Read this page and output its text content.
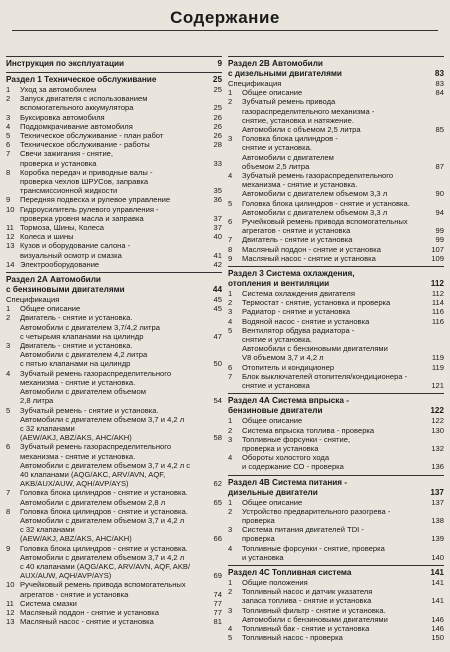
Содержание
Инструкция по эксплуатации	9
Раздел 1 Техническое обслуживание	25
1	Уход за автомобилем	25
2	Запуск двигателя с использованием
вспомогательного аккумулятора	25
3	Буксировка автомобиля	26
4	Поддомкрачивание автомобиля	26
5	Техническое обслуживание - план работ	26
6	Техническое обслуживание - работы	28
7	Свечи зажигания - снятие,
проверка и установка	33
8	Коробка передач и приводные валы -
проверка чехлов ШРУСов, заправка
трансмиссионной жидкости	35
9	Передняя подвеска и рулевое управление	36
10 Гидроусилитель рулевого управления -
проверка уровня масла и заправка	37
11 Тормоза, Шины, Колеса	37
12 Колеса и шины	40
13 Кузов и оборудование салона -
визуальный осмотр и смазка	41
14 Электрооборудование	42
Раздел 2А Автомобили
с бензиновыми двигателями	44
Спецификация	45
1	Общее описание	45
2	Двигатель - снятие и установка.
Автомобили с двигателем 3,7/4,2 литра
с четырьмя клапанами на цилиндр	47
3	Двигатель - снятие и установка.
Автомобили с двигателем 4,2 литра
с пятью клапанами на цилиндр	50
4	Зубчатый ремень газораспределительного
механизма - снятие и установка.
Автомобили с двигателем объемом
2,8 литра	54
5	Зубчатый ремень - снятие и установка.
Автомобили с двигателем объемом 3,7 и 4,2 л
с 32 клапанами
(AEW/AKJ, ABZ/AKS, AHC/AKH)	58
6	Зубчатый ремень газораспределительного
механизма - снятие и установка.
Автомобили с двигателем объемом 3,7 и 4,2 л с
40 клапанами (AQG/AKC, ARV/AVN, AQF,
AKB/AUX/AUW, AQH/AVP/AYS)	62
7	Головка блока цилиндров - снятие и установка.
Автомобили с двигателем объемом 2,8 л	65
8	Головка блока цилиндров - снятие и установка.
Автомобили с двигателем объемом 3,7 и 4,2 л
с 32 клапанами
(AEW/AKJ, ABZ/AKS, AHC/AKH)	66
9	Головка блока цилиндров - снятие и установка.
Автомобили с двигателем объемом 3,7 и 4,2 л
с 40 клапанами (AQG/AKC, ARV/AVN, AQF, AKB/
AUX/AUW, AQH/AVP/AYS)	69
10 Ручейковый ремень привода вспомогательных
агрегатов - снятие и установка	74
11 Система смазки	77
12 Масляный поддон - снятие и установка	77
13 Масляный насос - снятие и установка	81
Раздел 2В Автомобили
с дизельными двигателями	83
Спецификация	83
1	Общее описание	84
2	Зубчатый ремень привода
газораспределительного механизма -
снятие, установка и натяжение.
Автомобили с объемом 2,5 литра	85
3	Головка блока цилиндров -
снятие и установка.
Автомобили с двигателем
объемом 2,5 литра	87
4	Зубчатый ремень газораспределительного
механизма - снятие и установка.
Автомобили с двигателем объемом 3,3 л	90
5	Головка блока цилиндров - снятие и установка.
Автомобили с двигателем объемом 3,3 л	94
6	Ручейковый ремень привода вспомогательных
агрегатов - снятие и установка	99
7	Двигатель - снятие и установка	99
8	Масляный поддон - снятие и установка	107
9	Масляный насос - снятие и установка	109
Раздел 3 Система охлаждения,
отопления и вентиляции	112
1	Система охлаждения двигателя	112
2	Термостат - снятие, установка и проверка	114
3	Радиатор - снятие и установка	116
4	Водяной насос - снятие и установка	116
5	Вентилятор обдува радиатора -
снятие и установка.
Автомобили с бензиновыми двигателями
V8 объемом 3,7 и 4,2 л	119
6	Отопитель и кондиционер	119
7	Блок выключателей отопителя/кондиционера -
снятие и установка	121
Раздел 4А Система впрыска -
бензиновые двигатели	122
1	Общее описание	122
2	Система впрыска топлива - проверка	130
3	Топливные форсунки - снятие,
проверка и установка	132
4	Обороты холостого хода
и содержание СО - проверка	136
Раздел 4В Система питания -
дизельные двигатели	137
1	Общее описание	137
2	Устройство предварительного разогрева -
проверка	138
3	Система питания двигателей TDI -
проверка	139
4	Топливные форсунки - снятие, проверка
и установка	140
Раздел 4С Топливная система	141
1	Общие положения	141
2	Топливный насос и датчик указателя
запаса топлива - снятие и установка	141
3	Топливный фильтр - снятие и установка.
Автомобили с бензиновыми двигателями	146
4	Топливный бак - снятие и установка	146
5	Топливный насос - проверка	150
